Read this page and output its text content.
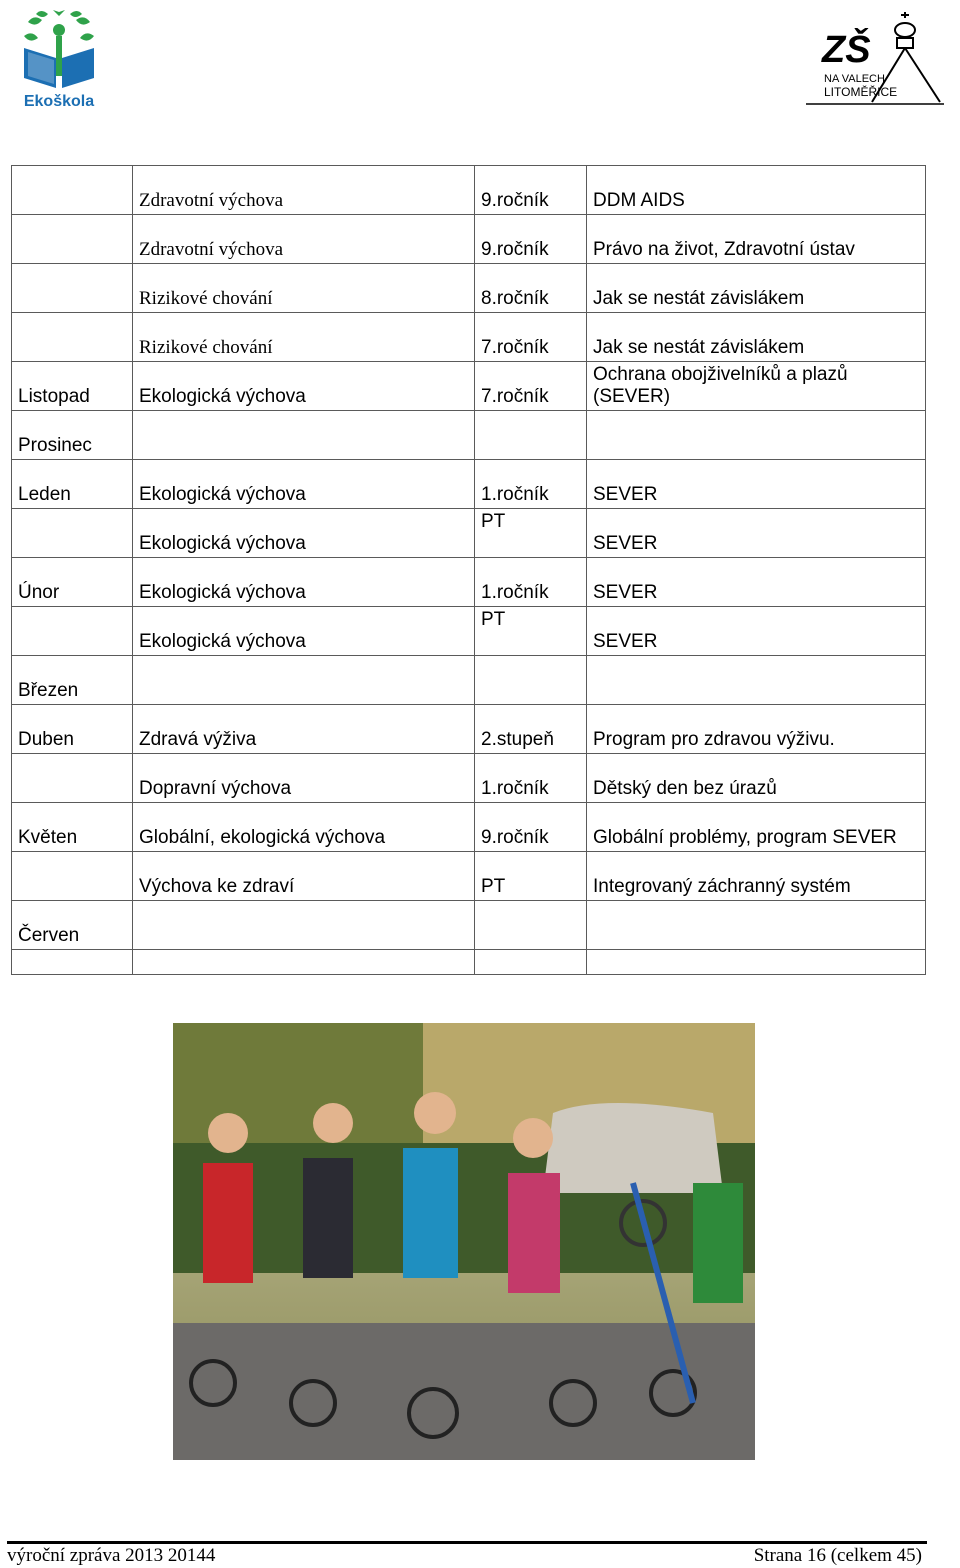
Ekoškola
ZŠ
NA VALECH
LITOMĚŘICE
	Zdravotní výchova	9.ročník	DDM AIDS
	Zdravotní výchova	9.ročník	Právo na život, Zdravotní ústav
	Rizikové chování	8.ročník	Jak se nestát závislákem
	Rizikové chování	7.ročník	Jak se nestát závislákem
Listopad	Ekologická výchova	7.ročník	Ochrana obojživelníků a plazů (SEVER)
Prosinec			
Leden	Ekologická výchova	1.ročník	SEVER
	Ekologická výchova	PT	SEVER
Únor	Ekologická výchova	1.ročník	SEVER
	Ekologická výchova	PT	SEVER
Březen			
Duben	Zdravá výživa	2.stupeň	Program pro zdravou výživu.
	Dopravní výchova	1.ročník	Dětský den bez úrazů
Květen	Globální, ekologická výchova	9.ročník	Globální problémy, program SEVER
	Výchova ke zdraví	PT	Integrovaný záchranný systém
Červen			

výroční zpráva 2013 20144	Strana 16 (celkem 45)
